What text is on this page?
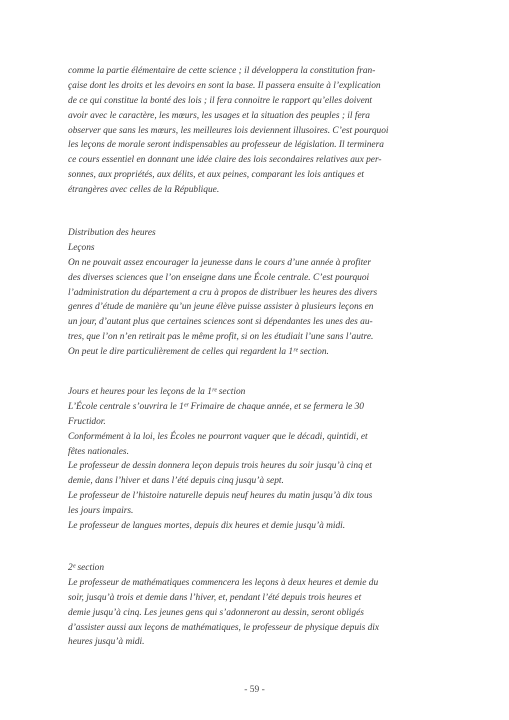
comme la partie élémentaire de cette science ; il développera la constitution fran-
çaise dont les droits et les devoirs en sont la base. Il passera ensuite à l’explication
de ce qui constitue la bonté des lois ; il fera connoitre le rapport qu’elles doivent
avoir avec le caractère, les mœurs, les usages et la situation des peuples ; il fera
observer que sans les mœurs, les meilleures lois deviennent illusoires. C’est pourquoi
les leçons de morale seront indispensables au professeur de législation. Il terminera
ce cours essentiel en donnant une idée claire des lois secondaires relatives aux per-
sonnes, aux propriétés, aux délits, et aux peines, comparant les lois antiques et
étrangères avec celles de la République.
Distribution des heures
Leçons
On ne pouvait assez encourager la jeunesse dans le cours d’une année à profiter
des diverses sciences que l’on enseigne dans une École centrale. C’est pourquoi
l’administration du département a cru à propos de distribuer les heures des divers
genres d’étude de manière qu’un jeune élève puisse assister à plusieurs leçons en
un jour, d’autant plus que certaines sciences sont si dépendantes les unes des au-
tres, que l’on n’en retirait pas le même profit, si on les étudiait l’une sans l’autre.
On peut le dire particulièrement de celles qui regardent la 1ʳᵉ section.
Jours et heures pour les leçons de la 1ʳᵉ section
L’École centrale s’ouvrira le 1ᵉʳ Frimaire de chaque année, et se fermera le 30
Fructidor.
Conformément à la loi, les Écoles ne pourront vaquer que le décadi, quintidi, et
fêtes nationales.
Le professeur de dessin donnera leçon depuis trois heures du soir jusqu’à cinq et
demie, dans l’hiver et dans l’été depuis cinq jusqu’à sept.
Le professeur de l’histoire naturelle depuis neuf heures du matin jusqu’à dix tous
les jours impairs.
Le professeur de langues mortes, depuis dix heures et demie jusqu’à midi.
2ᵉ section
Le professeur de mathématiques commencera les leçons à deux heures et demie du
soir, jusqu’à trois et demie dans l’hiver, et, pendant l’été depuis trois heures et
demie jusqu’à cinq. Les jeunes gens qui s’adonneront au dessin, seront obligés
d’assister aussi aux leçons de mathématiques, le professeur de physique depuis dix
heures jusqu’à midi.
- 59 -
